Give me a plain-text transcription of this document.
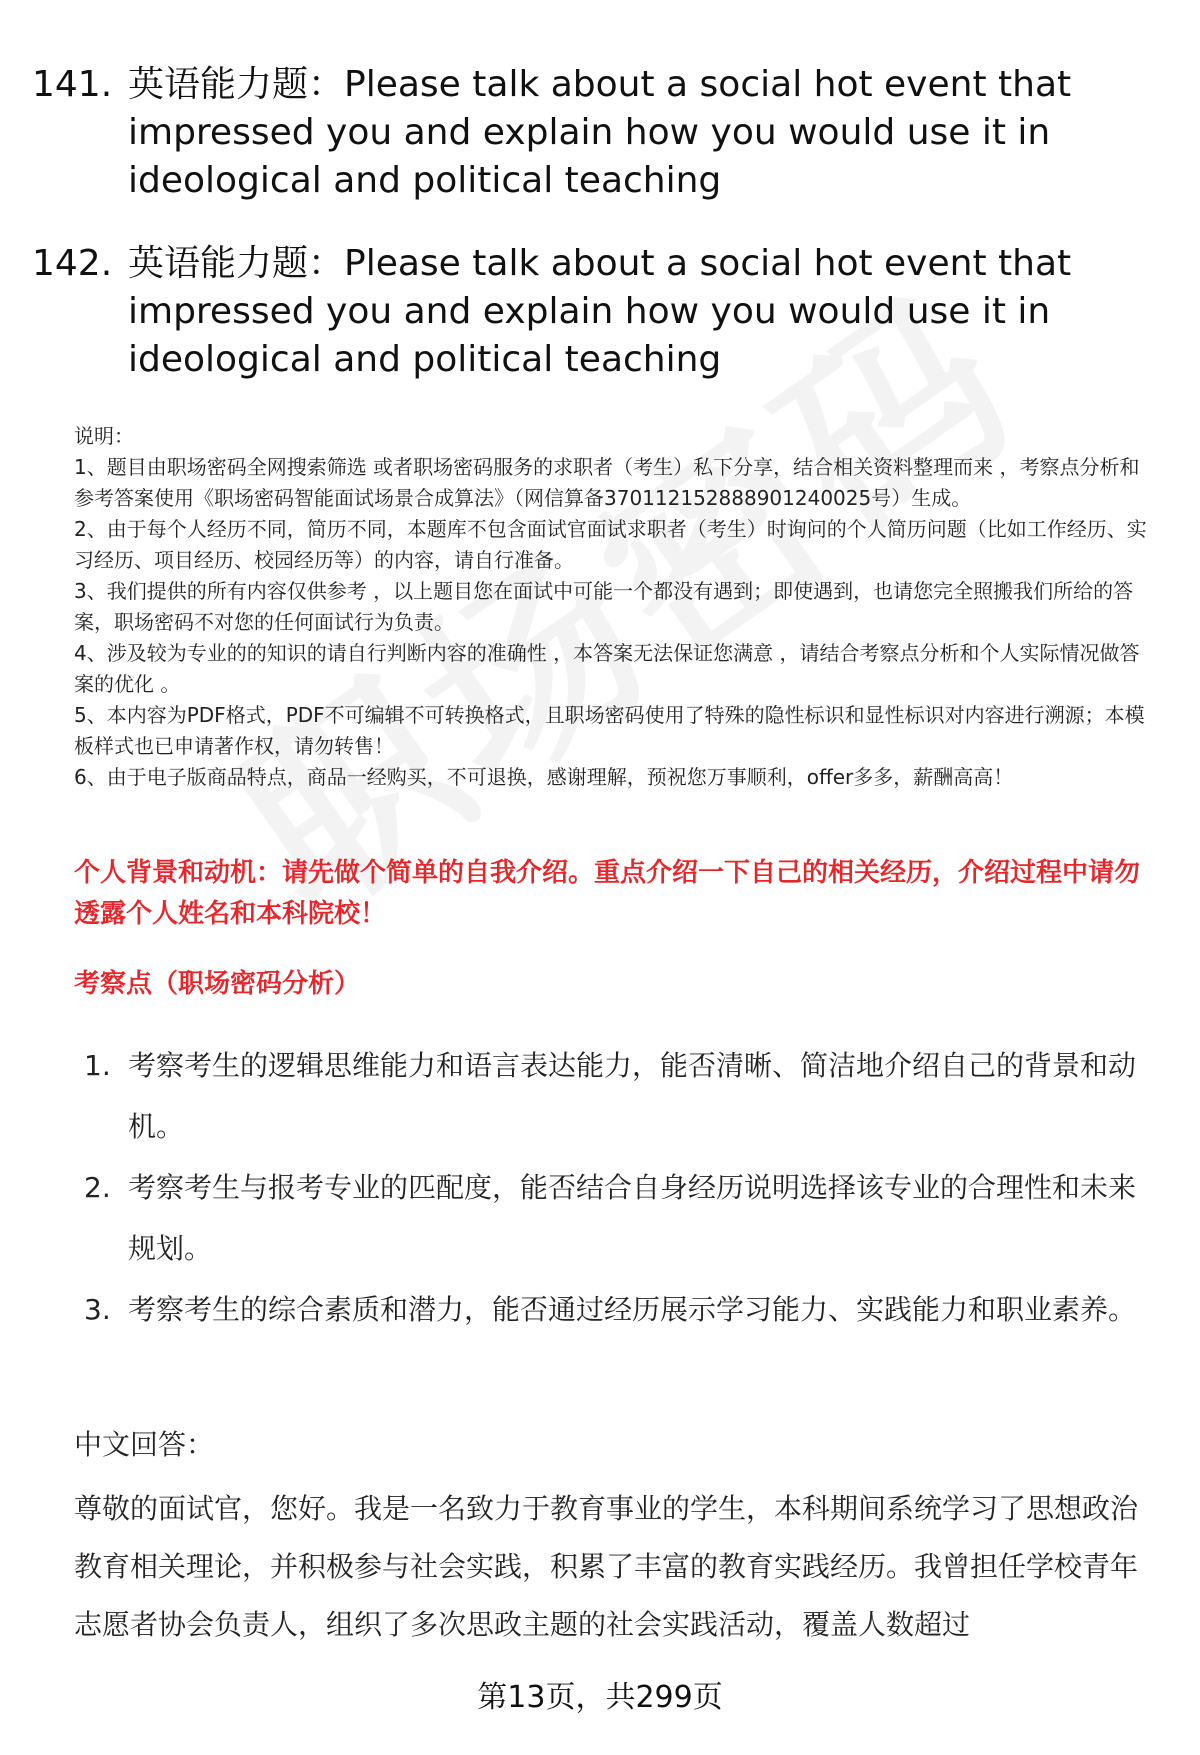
141. 英语能力题：Please talk about a social hot event that impressed you and explain how you would use it in ideological and political teaching
142. 英语能力题：Please talk about a social hot event that impressed you and explain how you would use it in ideological and political teaching

说明：

1、题目由职场密码全网搜索筛选 或者职场密码服务的求职者（考生）私下分享，结合相关资料整理而来 ，考察点分析和参考答案使用《职场密码智能面试场景合成算法》（网信算备370112152888901240025号）生成。

2、由于每个人经历不同，简历不同，本题库不包含面试官面试求职者（考生）时询问的个人简历问题（比如工作经历、实习经历、项目经历、校园经历等）的内容，请自行准备。

3、我们提供的所有内容仅供参考 ，以上题目您在面试中可能一个都没有遇到；即使遇到，也请您完全照搬我们所给的答案，职场密码不对您的任何面试行为负责。

4、涉及较为专业的的知识的请自行判断内容的准确性 ，本答案无法保证您满意 ，请结合考察点分析和个人实际情况做答案的优化 。

5、本内容为PDF格式，PDF不可编辑不可转换格式，且职场密码使用了特殊的隐性标识和显性标识对内容进行溯源；本模板样式也已申请著作权，请勿转售！

6、由于电子版商品特点，商品一经购买，不可退换，感谢理解，预祝您万事顺利，offer多多，薪酬高高！

个人背景和动机：请先做个简单的自我介绍。重点介绍一下自己的相关经历，介绍过程中请勿透露个人姓名和本科院校！
考察点（职场密码分析）
1. 考察考生的逻辑思维能力和语言表达能力，能否清晰、简洁地介绍自己的背景和动机。
2. 考察考生与报考专业的匹配度，能否结合自身经历说明选择该专业的合理性和未来规划。
3. 考察考生的综合素质和潜力，能否通过经历展示学习能力、实践能力和职业素养。
中文回答：
尊敬的面试官，您好。我是一名致力于教育事业的学生，本科期间系统学习了思想政治教育相关理论，并积极参与社会实践，积累了丰富的教育实践经历。我曾担任学校青年志愿者协会负责人，组织了多次思政主题的社会实践活动，覆盖人数超过
第13页，共299页
